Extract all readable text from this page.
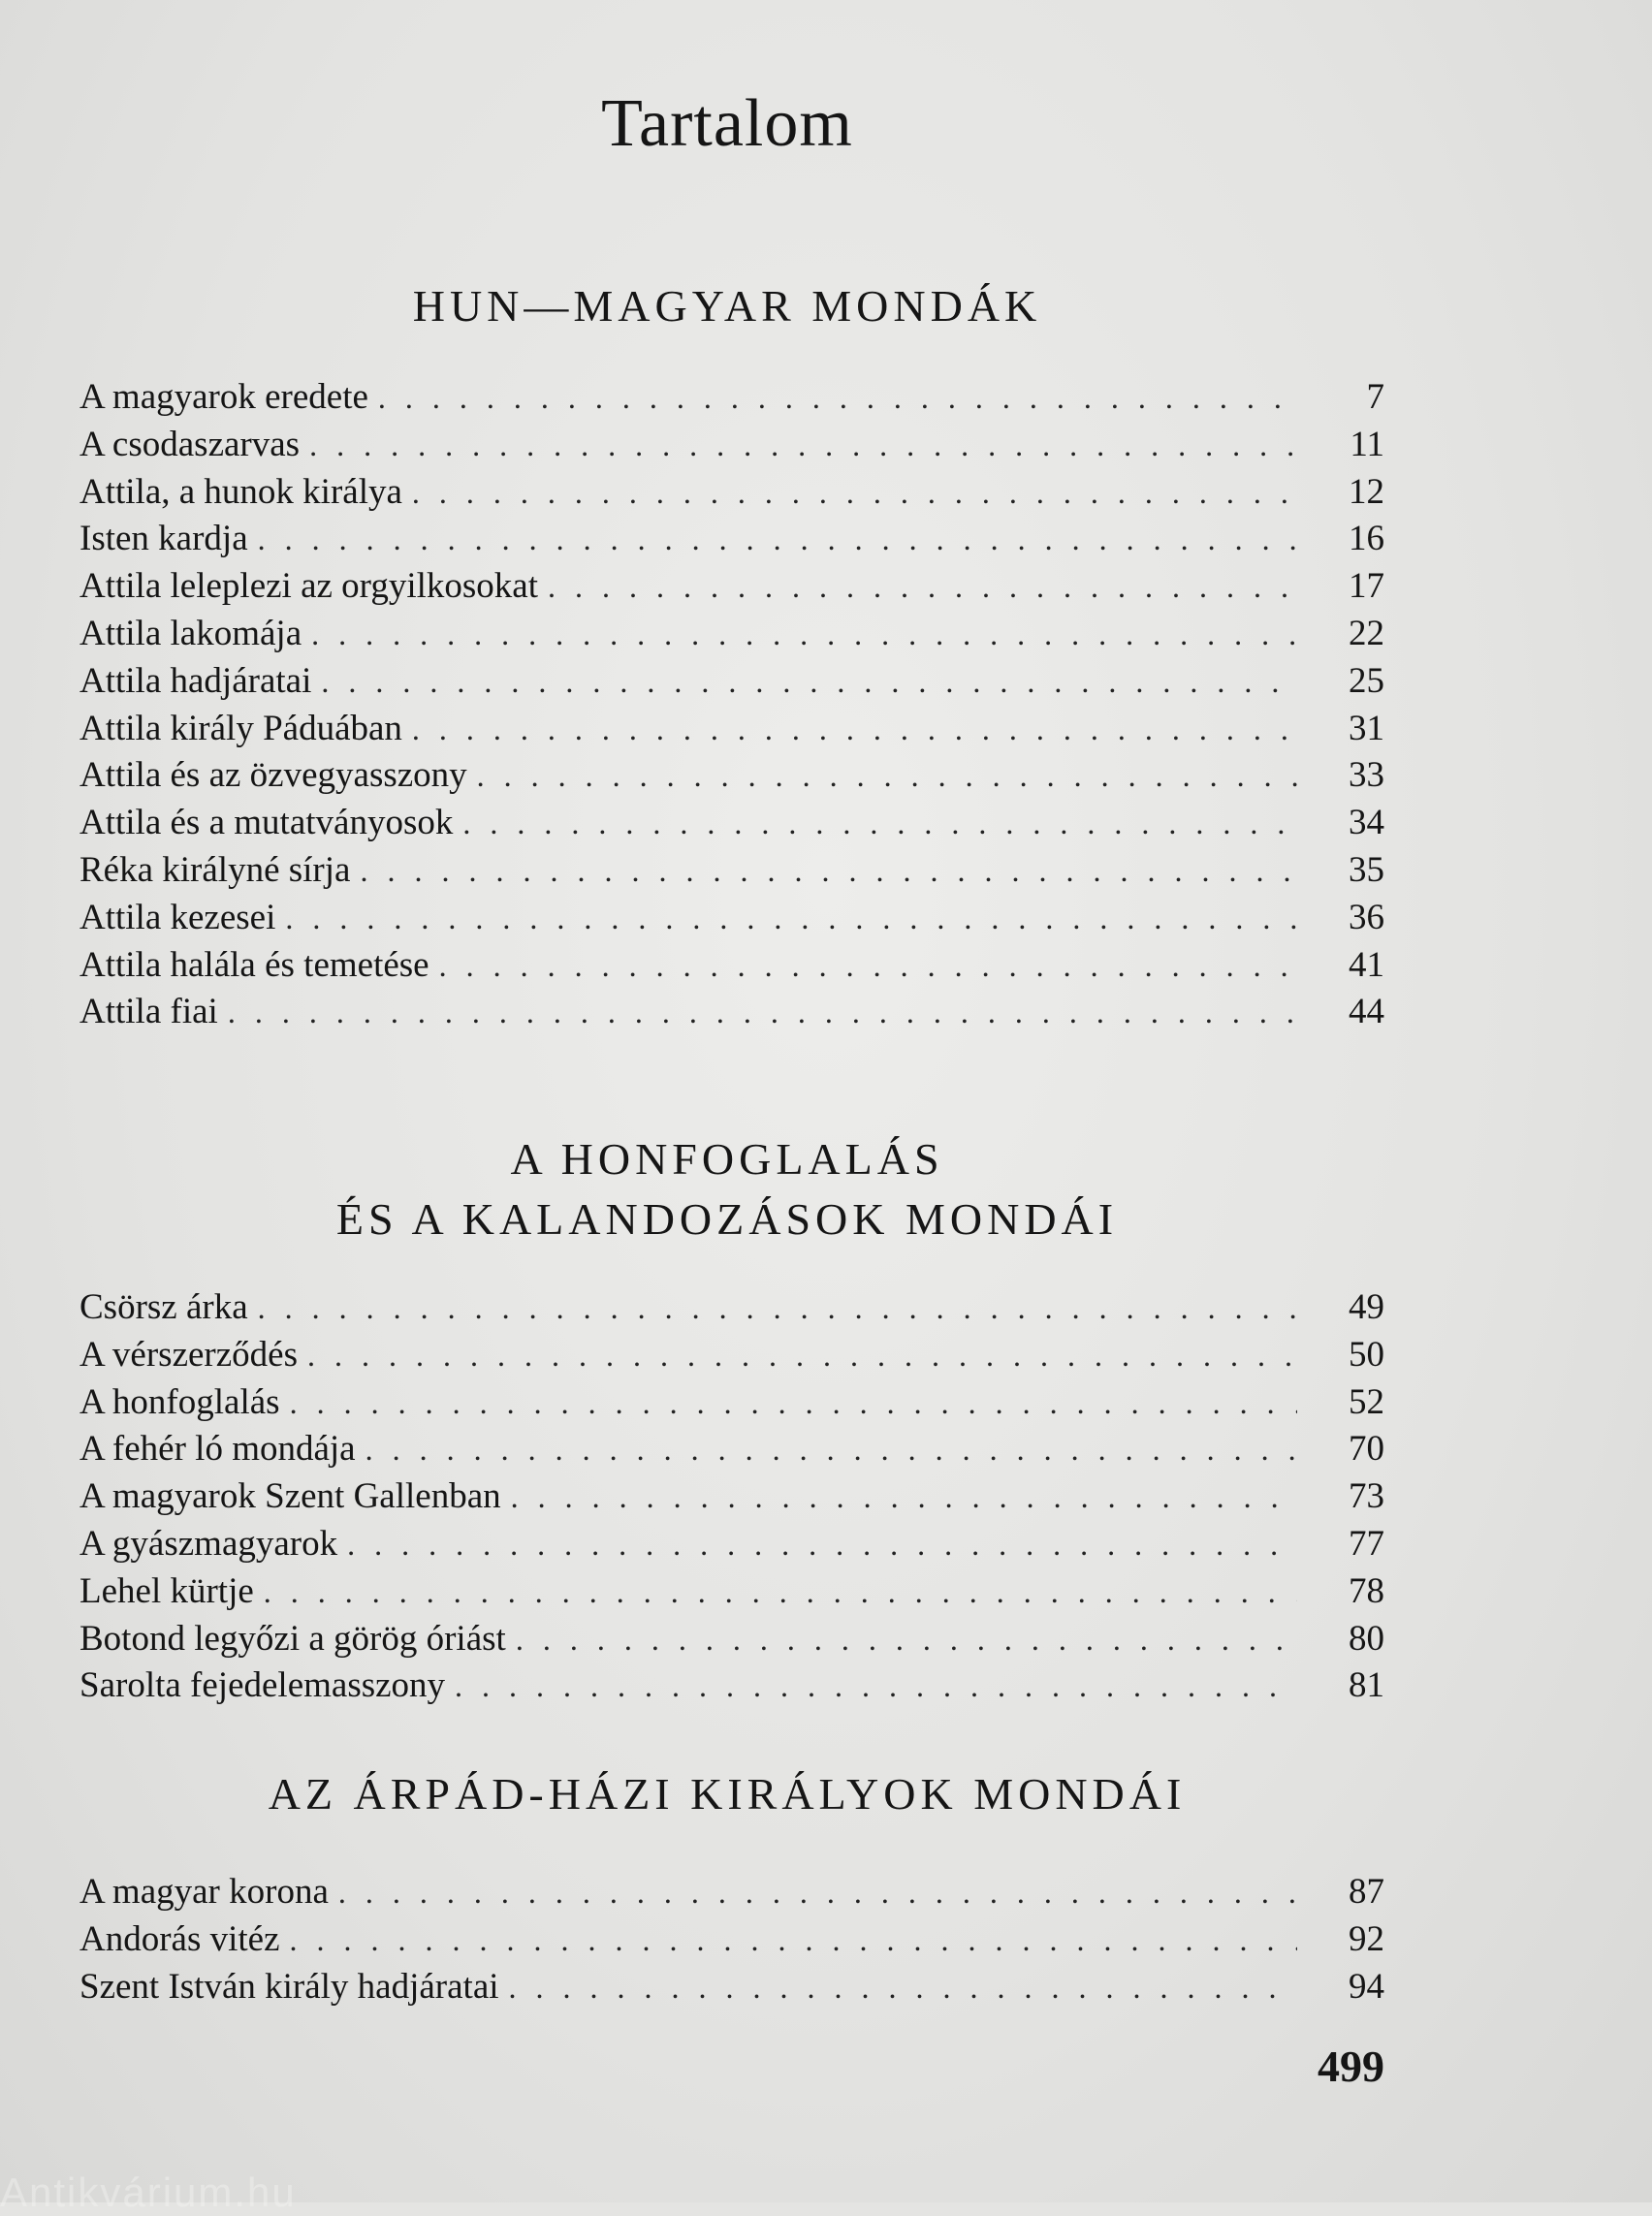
Tartalom
HUN—MAGYAR MONDÁK
A magyarok eredete . . .	7
A csodaszarvas . . .	11
Attila, a hunok királya . . .	12
Isten kardja . . .	16
Attila leleplezi az orgyilkosokat . . .	17
Attila lakomája . . .	22
Attila hadjáratai . . .	25
Attila király Páduában . . .	31
Attila és az özvegyasszony . . .	33
Attila és a mutatványosok . . .	34
Réka királyné sírja . . .	35
Attila kezesei . . .	36
Attila halála és temetése . . .	41
Attila fiai . . .	44
A HONFOGLALÁS
ÉS A KALANDOZÁSOK MONDÁI
Csörsz árka . . .	49
A vérszerződés . . .	50
A honfoglalás . . .	52
A fehér ló mondája . . .	70
A magyarok Szent Gallenban . . .	73
A gyászmagyarok . . .	77
Lehel kürtje . . .	78
Botond legyőzi a görög óriást . . .	80
Sarolta fejedelemasszony . . .	81
AZ ÁRPÁD-HÁZI KIRÁLYOK MONDÁI
A magyar korona . . .	87
Andorás vitéz . . .	92
Szent István király hadjáratai . . .	94

499

Antikvárium.hu
